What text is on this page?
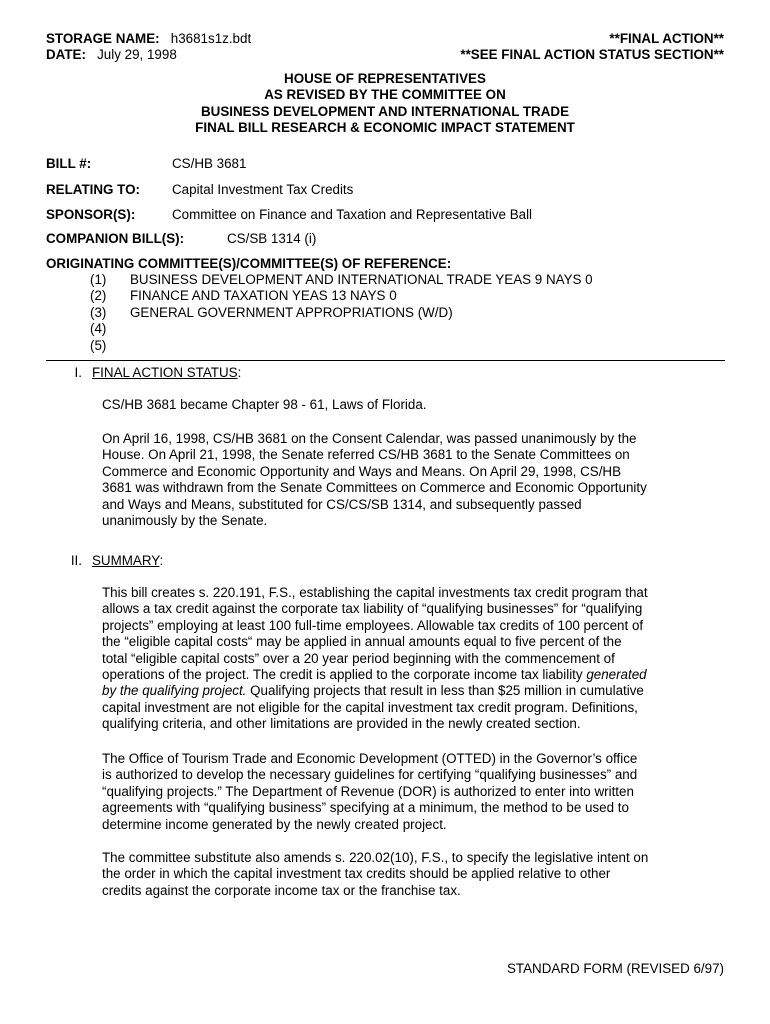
STORAGE NAME: h3681s1z.bdt
DATE: July 29, 1998
**FINAL ACTION**
**SEE FINAL ACTION STATUS SECTION**
HOUSE OF REPRESENTATIVES
AS REVISED BY THE COMMITTEE ON
BUSINESS DEVELOPMENT AND INTERNATIONAL TRADE
FINAL BILL RESEARCH & ECONOMIC IMPACT STATEMENT
BILL #:	CS/HB 3681
RELATING TO: Capital Investment Tax Credits
SPONSOR(S):	Committee on Finance and Taxation and Representative Ball
COMPANION BILL(S):	CS/SB 1314 (i)
ORIGINATING COMMITTEE(S)/COMMITTEE(S) OF REFERENCE:
(1) BUSINESS DEVELOPMENT AND INTERNATIONAL TRADE YEAS 9 NAYS 0
(2) FINANCE AND TAXATION YEAS 13 NAYS 0
(3) GENERAL GOVERNMENT APPROPRIATIONS (W/D)
(4)
(5)
I. FINAL ACTION STATUS:
CS/HB 3681 became Chapter 98 - 61, Laws of Florida.
On April 16, 1998, CS/HB 3681 on the Consent Calendar, was passed unanimously by the
House. On April 21, 1998, the Senate referred CS/HB 3681 to the Senate Committees on
Commerce and Economic Opportunity and Ways and Means. On April 29, 1998, CS/HB
3681 was withdrawn from the Senate Committees on Commerce and Economic Opportunity
and Ways and Means, substituted for CS/CS/SB 1314, and subsequently passed
unanimously by the Senate.
II. SUMMARY:
This bill creates s. 220.191, F.S., establishing the capital investments tax credit program that
allows a tax credit against the corporate tax liability of “qualifying businesses” for “qualifying
projects” employing at least 100 full-time employees. Allowable tax credits of 100 percent of
the “eligible capital costs“ may be applied in annual amounts equal to five percent of the
total “eligible capital costs” over a 20 year period beginning with the commencement of
operations of the project. The credit is applied to the corporate income tax liability generated
by the qualifying project. Qualifying projects that result in less than $25 million in cumulative
capital investment are not eligible for the capital investment tax credit program. Definitions,
qualifying criteria, and other limitations are provided in the newly created section.
The Office of Tourism Trade and Economic Development (OTTED) in the Governor’s office
is authorized to develop the necessary guidelines for certifying “qualifying businesses” and
“qualifying projects.” The Department of Revenue (DOR) is authorized to enter into written
agreements with “qualifying business” specifying at a minimum, the method to be used to
determine income generated by the newly created project.
The committee substitute also amends s. 220.02(10), F.S., to specify the legislative intent on
the order in which the capital investment tax credits should be applied relative to other
credits against the corporate income tax or the franchise tax.
STANDARD FORM (REVISED 6/97)
